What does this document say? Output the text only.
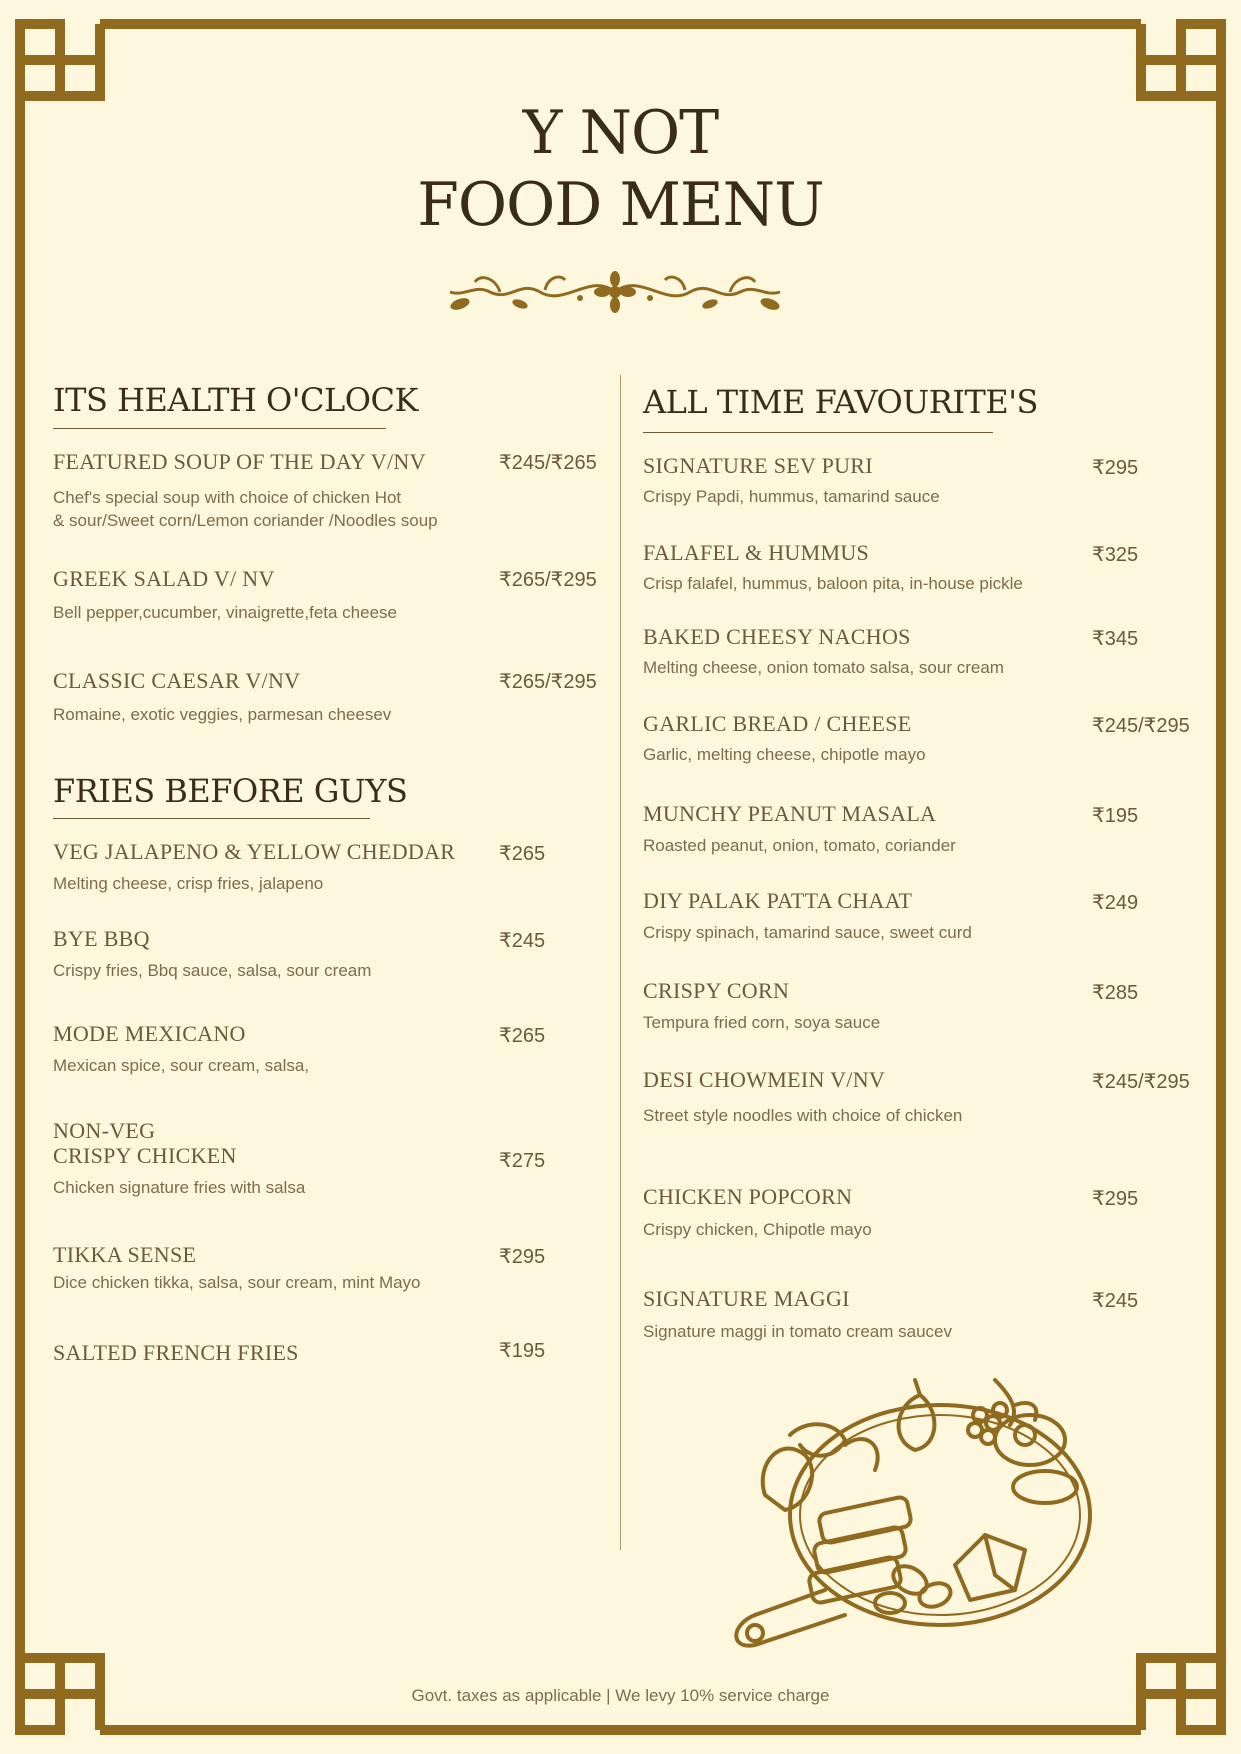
Y NOT
FOOD MENU
ITS HEALTH O'CLOCK
FEATURED SOUP OF THE DAY V/NV	₹245/₹265
Chef's special soup with choice of chicken Hot
& sour/Sweet corn/Lemon coriander /Noodles soup
GREEK SALAD V/ NV	₹265/₹295
Bell pepper,cucumber, vinaigrette,feta cheese
CLASSIC CAESAR V/NV	₹265/₹295
Romaine, exotic veggies, parmesan cheesev
FRIES BEFORE GUYS
VEG JALAPENO & YELLOW CHEDDAR ₹265
Melting cheese, crisp fries, jalapeno
BYE BBQ	₹245
Crispy fries, Bbq sauce, salsa, sour cream
MODE MEXICANO	₹265
Mexican spice, sour cream, salsa,
NON-VEG
CRISPY CHICKEN	₹275
Chicken signature fries with salsa
TIKKA SENSE	₹295
Dice chicken tikka, salsa, sour cream, mint Mayo
SALTED FRENCH FRIES	₹195
ALL TIME FAVOURITE'S
SIGNATURE SEV PURI	₹295
Crispy Papdi, hummus, tamarind sauce
FALAFEL & HUMMUS	₹325
Crisp falafel, hummus, baloon pita, in-house pickle
BAKED CHEESY NACHOS	₹345
Melting cheese, onion tomato salsa, sour cream
GARLIC BREAD / CHEESE	₹245/₹295
Garlic, melting cheese, chipotle mayo
MUNCHY PEANUT MASALA	₹195
Roasted peanut, onion, tomato, coriander
DIY PALAK PATTA CHAAT	₹249
Crispy spinach, tamarind sauce, sweet curd
CRISPY CORN	₹285
Tempura fried corn, soya sauce
DESI CHOWMEIN V/NV	₹245/₹295
Street style noodles with choice of chicken
CHICKEN POPCORN	₹295
Crispy chicken, Chipotle mayo
SIGNATURE MAGGI	₹245
Signature maggi in tomato cream saucev
Govt. taxes as applicable | We levy 10% service charge
